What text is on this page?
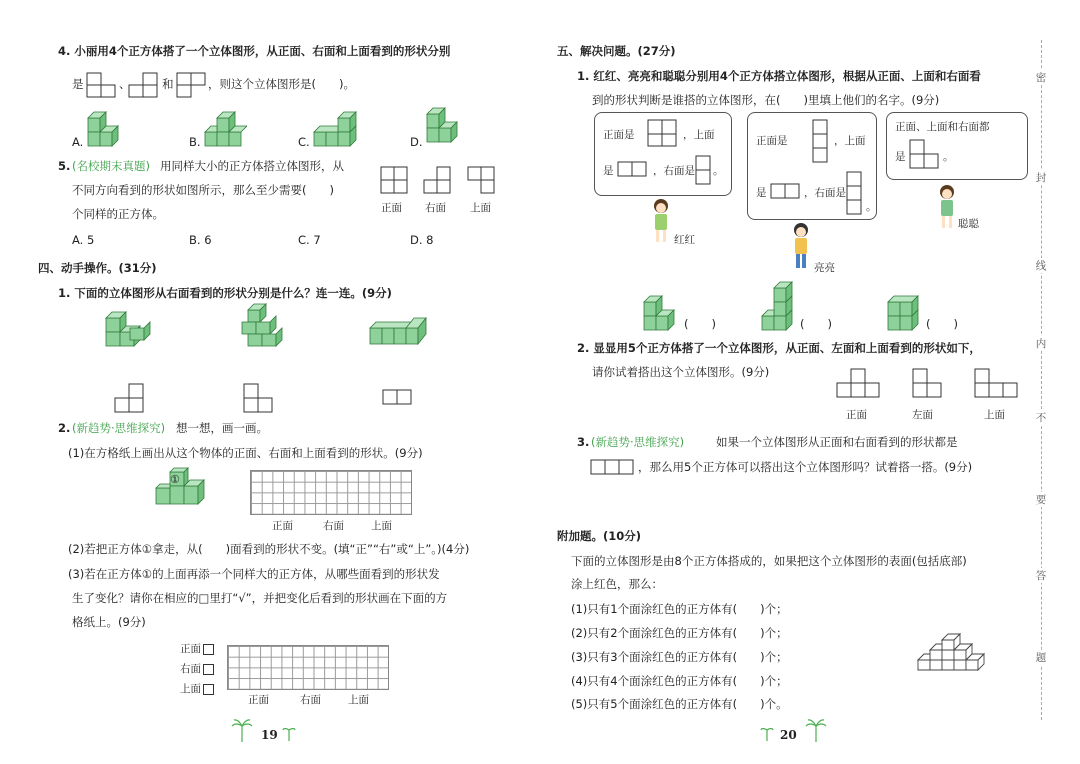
4. 小丽用4个正方体搭了一个立体图形，从正面、右面和上面看到的形状分别
是	、	和	，则这个立体图形是(　　)。
A.	B.	C.	D.
5. (名校期末真题) 用同样大小的正方体搭立体图形，从
不同方向看到的形状如图所示，那么至少需要(　　)
个同样的正方体。	正面 右面 上面
A. 5	B. 6	C. 7	D. 8
四、动手操作。(31分)
1. 下面的立体图形从右面看到的形状分别是什么？连一连。(9分)
2. (新趋势·思维探究) 想一想，画一画。
(1)在方格纸上画出从这个物体的正面、右面和上面看到的形状。(9分)
①
正面	右面	上面
(2)若把正方体①拿走，从(　　)面看到的形状不变。(填“正”“右”或“上”。)(4分)
(3)若在正方体①的上面再添一个同样大的正方体，从哪些面看到的形状发
生了变化？请你在相应的□里打“√”，并把变化后看到的形状画在下面的方
格纸上。(9分)
正面
右面
上面
正面	右面	上面
19
五、解决问题。(27分)
1. 红红、亮亮和聪聪分别用4个正方体搭立体图形，根据从正面、上面和右面看
到的形状判断是谁搭的立体图形，在(　　)里填上他们的名字。(9分)
正面是	，上面
是	，右面是 。
正面是	，上面
是	，右面是
。
正面、上面和右面都
是	。
红红
亮亮
聪聪
(　　)	(　　)	(　　)
2. 显显用5个正方体搭了一个立体图形，从正面、左面和上面看到的形状如下，
请你试着搭出这个立体图形。(9分)
正面	左面	上面
3. (新趋势·思维探究)	如果一个立体图形从正面和右面看到的形状都是
，那么用5个正方体可以搭出这个立体图形吗？试着搭一搭。(9分)
附加题。(10分)
下面的立体图形是由8个正方体搭成的，如果把这个立体图形的表面(包括底部)
涂上红色，那么：
(1)只有1个面涂红色的正方体有(　　)个；
(2)只有2个面涂红色的正方体有(　　)个；
(3)只有3个面涂红色的正方体有(　　)个；
(4)只有4个面涂红色的正方体有(　　)个；
(5)只有5个面涂红色的正方体有(　　)个。
20
密
封
线
内
不
要
答
题
